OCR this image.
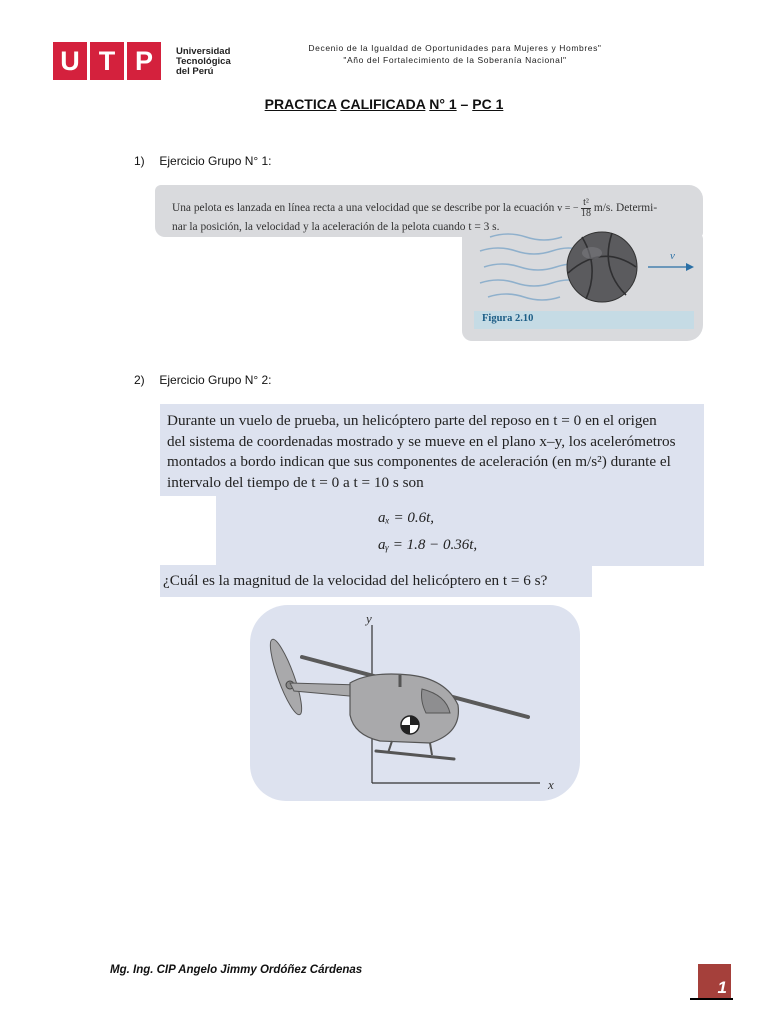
U T P	Universidad
Tecnológica
del Perú
Decenio de la Igualdad de Oportunidades para Mujeres y Hombres"
"Año del Fortalecimiento de la Soberanía Nacional"
PRACTICA CALIFICADA N° 1 – PC 1
1) Ejercicio Grupo N° 1:
Una pelota es lanzada en línea recta a una velocidad que se describe por la ecuación v = − $\frac{\text{t²}}{18} m/s$. Determi-
nar la posición, la velocidad y la aceleración de la pelota cuando t = 3 s.
v
Figura 2.10
2) Ejercicio Grupo N° 2:
Durante un vuelo de prueba, un helicóptero parte del reposo en t = 0 en el origen
del sistema de coordenadas mostrado y se mueve en el plano x–y, los acelerómetros
montados a bordo indican que sus componentes de aceleración (en m/s²) durante el
intervalo del tiempo de t = 0 a t = 10 s son
aₓ = 0.6t,
aᵧ = 1.8 − 0.36t,
¿Cuál es la magnitud de la velocidad del helicóptero en t = 6 s?
y
x
Mg. Ing. CIP Angelo Jimmy Ordóñez Cárdenas
1
